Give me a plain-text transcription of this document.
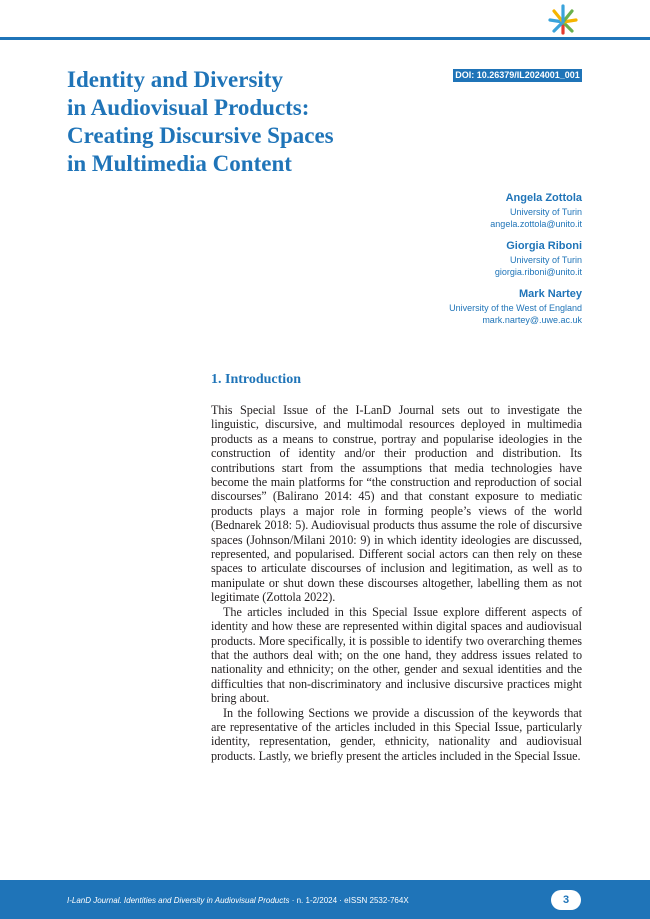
Identity and Diversity
in Audiovisual Products:
Creating Discursive Spaces
in Multimedia Content
DOI: 10.26379/IL2024001_001
Angela Zottola
University of Turin
angela.zottola@unito.it
Giorgia Riboni
University of Turin
giorgia.riboni@unito.it
Mark Nartey
University of the West of England
mark.nartey@.uwe.ac.uk
1. Introduction

This Special Issue of the I-LanD Journal sets out to investigate the linguistic, discursive, and multimodal resources deployed in multimedia products as a means to construe, portray and popularise ideologies in the construction of identity and/or their production and distribution. Its contributions start from the assumptions that media technologies have become the main platforms for “the construction and reproduction of social discourses” (Balirano 2014: 45) and that constant exposure to mediatic products plays a major role in forming people’s views of the world (Bednarek 2018: 5). Audiovisual products thus assume the role of discursive spaces (Johnson/Milani 2010: 9) in which identity ideologies are discussed, represented, and popularised. Different social actors can then rely on these spaces to articulate discourses of inclusion and legitimation, as well as to manipulate or shut down these discourses altogether, labelling them as not legitimate (Zottola 2022).

The articles included in this Special Issue explore different aspects of identity and how these are represented within digital spaces and audiovisual products. More specifically, it is possible to identify two overarching themes that the authors deal with; on the one hand, they address issues related to nationality and ethnicity; on the other, gender and sexual identities and the difficulties that non-discriminatory and inclusive discursive practices might bring about.

In the following Sections we provide a discussion of the keywords that are representative of the articles included in this Special Issue, particularly identity, representation, gender, ethnicity, nationality and audiovisual products. Lastly, we briefly present the articles included in the Special Issue.

I-LanD Journal. Identities and Diversity in Audiovisual Products · n. 1-2/2024 · eISSN 2532-764X	3
